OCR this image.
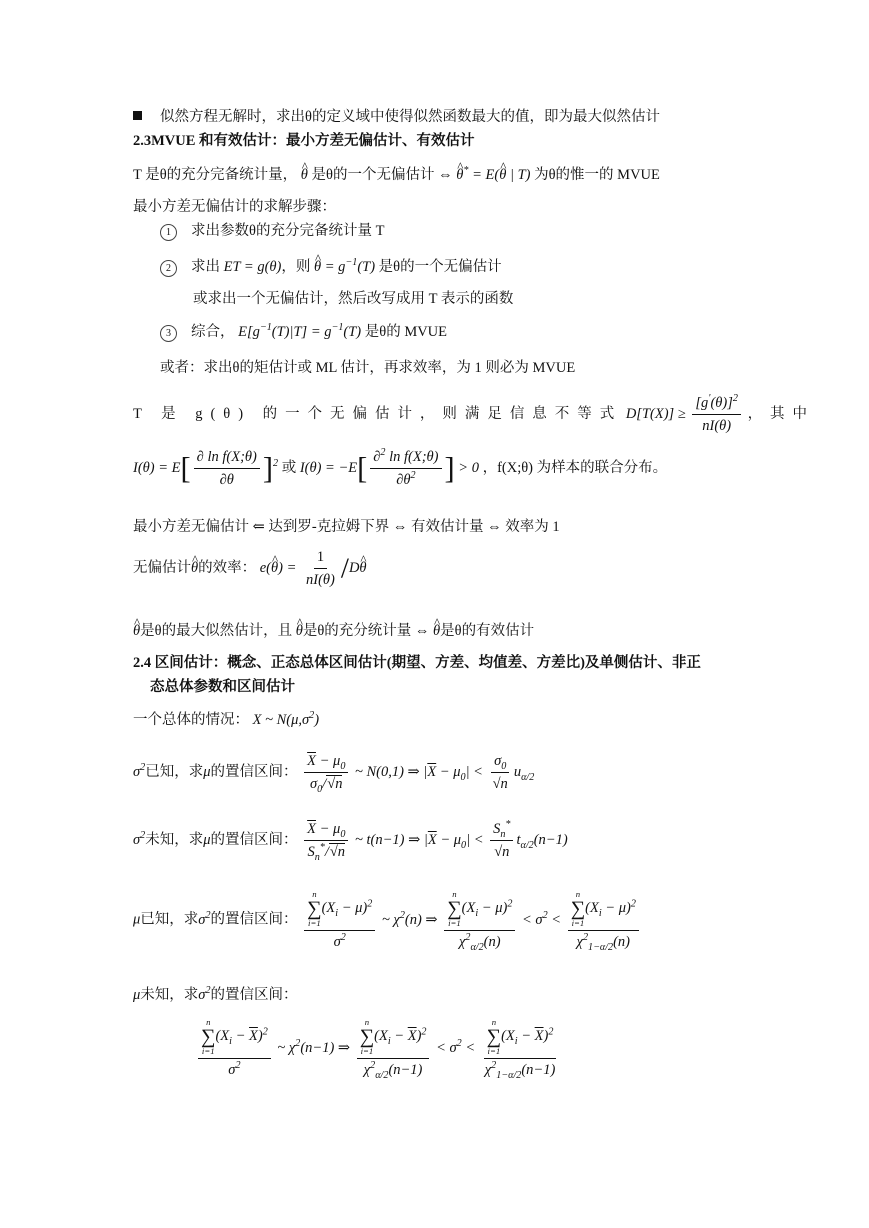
似然方程无解时，求出θ的定义域中使得似然函数最大的值，即为最大似然估计
2.3MVUE 和有效估计：最小方差无偏估计、有效估计
T 是θ的充分完备统计量， ^ θ 是θ的一个无偏估计 ⇔ ^ θ* = E(^ θ | T) 为θ的惟一的 MVUE
最小方差无偏估计的求解步骤：
1 求出参数θ的充分完备统计量 T
2 求出 ET = g(θ)，则 ^ $\theta = g^{-1}(T)$ 是θ的一个无偏估计
或求出一个无偏估计，然后改写成用 T 表示的函数
3 综合， $E[g^{-1}(T)|T] = g^{-1}(T)$ 是θ的 MVUE
或者：求出θ的矩估计或 ML 估计，再求效率，为 1 则必为 MVUE
T 是 g(θ) 的一个无偏估计，则满足信息不等式 $D[T(X)] \ge \frac{[g'(\theta)]^2}{nI(\theta)}$ ，其中
$I(\theta) = E[ \frac{\text{∂ ln f(X;θ)}}{\partial\theta} ]^2$ 或 $I(\theta) = -E[ \frac{\partial^2 \ln f(X;\theta)}{\partial\theta^2}$ ] > 0 ，f(X;θ) 为样本的联合分布。
最小方差无偏估计 ⇐ 达到罗-克拉姆下界 ⇔ 有效估计量 ⇔ 效率为 1
无偏估计^ θ的效率： e(^ $\theta) = \frac{1}{nI(\theta)}$ /D^ θ
^ θ是θ的最大似然估计，且 ^ θ是θ的充分统计量 ⇔ ^ θ是θ的有效估计
2.4 区间估计：概念、正态总体区间估计(期望、方差、均值差、方差比)及单侧估计、非正
态总体参数和区间估计
一个总体的情况： X ~ $N(\mu,\sigma^2)$
$\sigma^2$已知，求μ的置信区间： $\frac{\overline{X} - \mu_0}{\sigma_0/√n}$ ~ N(0,1) ⇒ $|\overline{X} - \mu_0| < \frac{\sigma_0}{√n} u_{\alpha/2}$
$\sigma^2$未知，求μ的置信区间： $\frac{\overline{X} - \mu_0}{S_n^*/√n}$ ~ t(n−1) ⇒ $|\overline{X} - \mu_0| < \frac{S_n^*}{√n} t_{\alpha/2}(n-1)$
μ已知，求$\sigma^2$的置信区间： n
∑
i=1
$(X_i - \mu)^2$
$\sigma^2$ ~ $\chi^2(n)$ ⇒ n
∑
i=1
$(X_i - \mu)^2$
$\chi^2_{\alpha/2}(n) < \sigma^2 < n$
∑
i=1
$(X_i - \mu)^2$
$\chi^2_{1-\alpha/2}(n)$
μ未知，求$\sigma^2$的置信区间：
n
∑
i=1
$(X_i - \overline{X})^2$
$\sigma^2$ ~ $\chi^2(n-1)$ ⇒ n
∑
i=1
$(X_i - \overline{X})^2$
$\chi^2_{\alpha/2}(n-1) < \sigma^2 < n$
∑
i=1
$(X_i - \overline{X})^2$
$\chi^2_{1-\alpha/2}(n-1)$
